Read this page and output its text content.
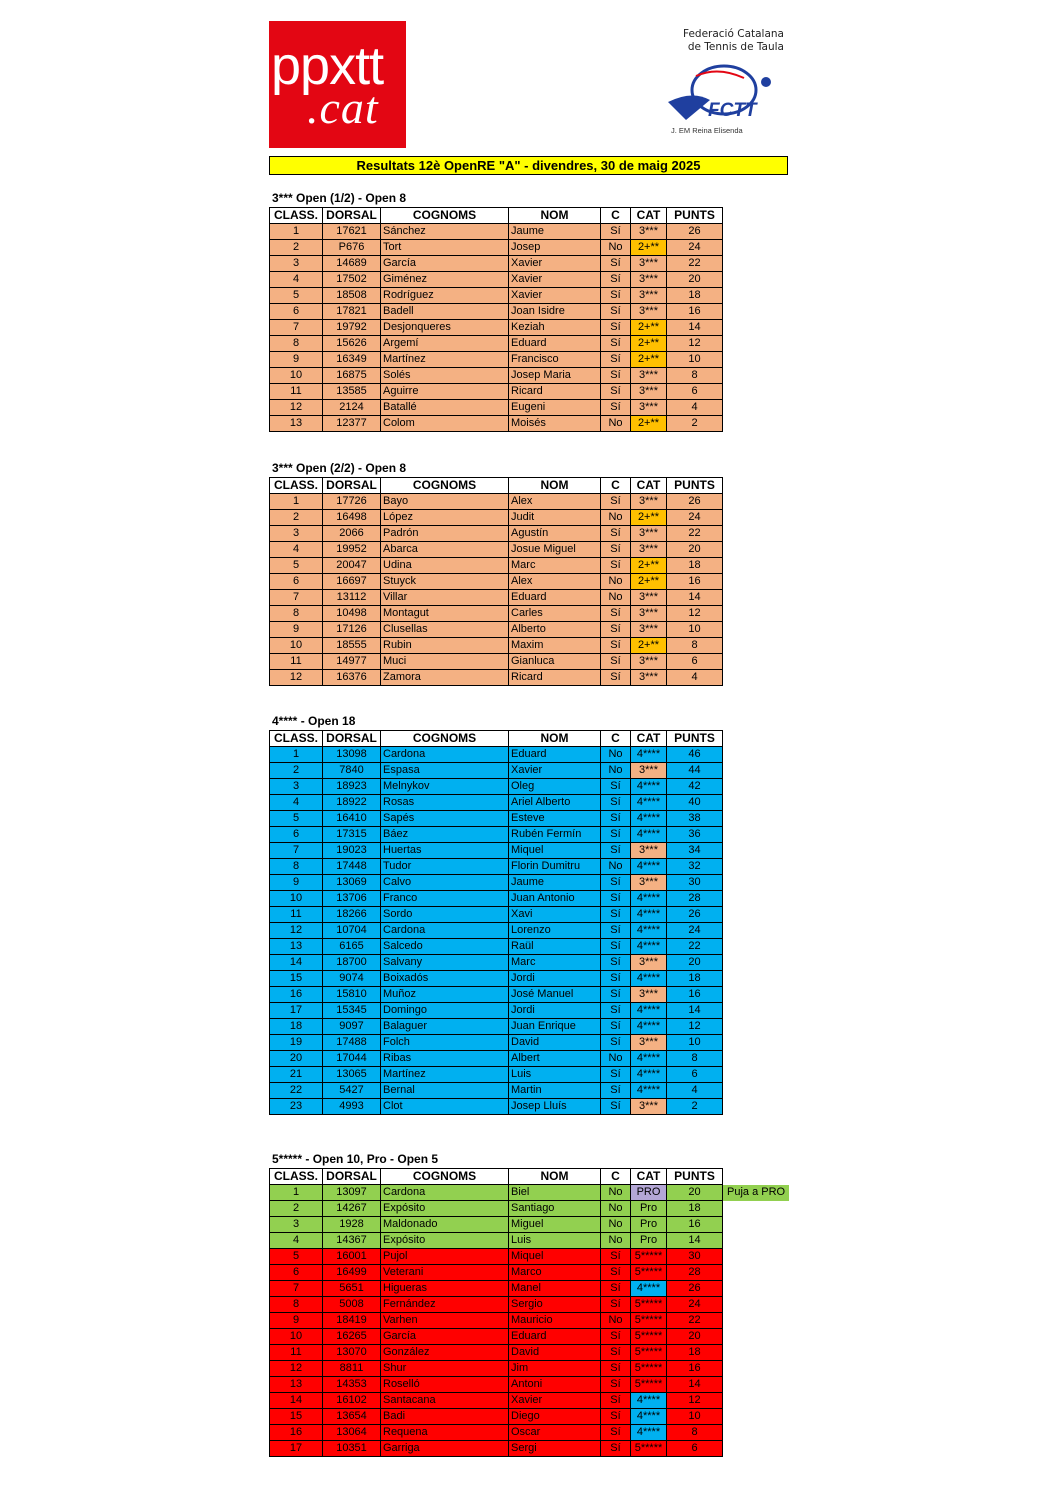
ppxtt
.cat
Federació Catalana
de Tennis de Taula
FCTT
J. EM Reina Elisenda
Resultats 12è OpenRE "A" - divendres, 30 de maig 2025
3*** Open (1/2) - Open 8
CLASS.	DORSAL	COGNOMS	NOM	C	CAT	PUNTS
1	17621	Sánchez	Jaume	Sí	3***	26
2	P676	Tort	Josep	No	2+**	24
3	14689	García	Xavier	Sí	3***	22
4	17502	Giménez	Xavier	Sí	3***	20
5	18508	Rodríguez	Xavier	Sí	3***	18
6	17821	Badell	Joan Isidre	Sí	3***	16
7	19792	Desjonqueres	Keziah	Sí	2+**	14
8	15626	Argemí	Eduard	Sí	2+**	12
9	16349	Martínez	Francisco	Sí	2+**	10
10	16875	Solés	Josep Maria	Sí	3***	8
11	13585	Aguirre	Ricard	Sí	3***	6
12	2124	Batallé	Eugeni	Sí	3***	4
13	12377	Colom	Moisés	No	2+**	2
3*** Open (2/2) - Open 8
CLASS.	DORSAL	COGNOMS	NOM	C	CAT	PUNTS
1	17726	Bayo	Alex	Sí	3***	26
2	16498	López	Judit	No	2+**	24
3	2066	Padrón	Agustín	Sí	3***	22
4	19952	Abarca	Josue Miguel	Sí	3***	20
5	20047	Udina	Marc	Sí	2+**	18
6	16697	Stuyck	Alex	No	2+**	16
7	13112	Villar	Eduard	No	3***	14
8	10498	Montagut	Carles	Sí	3***	12
9	17126	Clusellas	Alberto	Sí	3***	10
10	18555	Rubin	Maxim	Sí	2+**	8
11	14977	Muci	Gianluca	Sí	3***	6
12	16376	Zamora	Ricard	Sí	3***	4
4**** - Open 18
CLASS.	DORSAL	COGNOMS	NOM	C	CAT	PUNTS
1	13098	Cardona	Eduard	No	4****	46
2	7840	Espasa	Xavier	No	3***	44
3	18923	Melnykov	Oleg	Sí	4****	42
4	18922	Rosas	Ariel Alberto	Sí	4****	40
5	16410	Sapés	Esteve	Sí	4****	38
6	17315	Báez	Rubén Fermín	Sí	4****	36
7	19023	Huertas	Miquel	Sí	3***	34
8	17448	Tudor	Florin Dumitru	No	4****	32
9	13069	Calvo	Jaume	Sí	3***	30
10	13706	Franco	Juan Antonio	Sí	4****	28
11	18266	Sordo	Xavi	Sí	4****	26
12	10704	Cardona	Lorenzo	Sí	4****	24
13	6165	Salcedo	Raül	Sí	4****	22
14	18700	Salvany	Marc	Sí	3***	20
15	9074	Boixadós	Jordi	Sí	4****	18
16	15810	Muñoz	José Manuel	Sí	3***	16
17	15345	Domingo	Jordi	Sí	4****	14
18	9097	Balaguer	Juan Enrique	Sí	4****	12
19	17488	Folch	David	Sí	3***	10
20	17044	Ribas	Albert	No	4****	8
21	13065	Martínez	Luis	Sí	4****	6
22	5427	Bernal	Martin	Sí	4****	4
23	4993	Clot	Josep Lluís	Sí	3***	2
5***** - Open 10, Pro - Open 5
CLASS.	DORSAL	COGNOMS	NOM	C	CAT	PUNTS	
1	13097	Cardona	Biel	No	PRO	20	Puja a PRO
2	14267	Expósito	Santiago	No	Pro	18	
3	1928	Maldonado	Miguel	No	Pro	16	
4	14367	Expósito	Luis	No	Pro	14	
5	16001	Pujol	Miquel	Sí	5*****	30	
6	16499	Veterani	Marco	Sí	5*****	28	
7	5651	Higueras	Manel	Sí	4****	26	
8	5008	Fernández	Sergio	Sí	5*****	24	
9	18419	Varhen	Mauricio	No	5*****	22	
10	16265	García	Eduard	Sí	5*****	20	
11	13070	González	David	Sí	5*****	18	
12	8811	Shur	Jim	Sí	5*****	16	
13	14353	Roselló	Antoni	Sí	5*****	14	
14	16102	Santacana	Xavier	Sí	4****	12	
15	13654	Badi	Diego	Sí	4****	10	
16	13064	Requena	Oscar	Sí	4****	8	
17	10351	Garriga	Sergi	Sí	5*****	6	
